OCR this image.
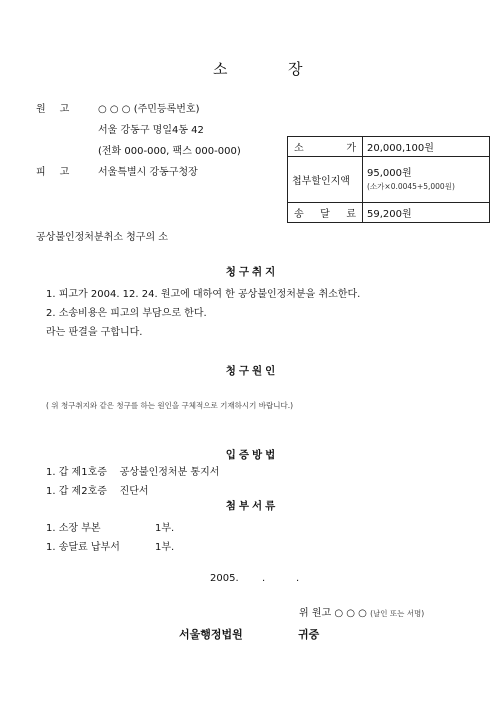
소	장
원 고	○ ○ ○ (주민등록번호)
서울 강동구 명일4동 42
(전화 000-000, 팩스 000-000)
피 고	서울특별시 강동구청장
소 가	20,000,100원
첩부할인지액	95,000원
(소가×0.0045+5,000원)

송 달 료	59,200원
공상불인정처분취소 청구의 소
청구취지
1. 피고가 2004. 12. 24. 원고에 대하여 한 공상불인정처분을 취소한다.
2. 소송비용은 피고의 부담으로 한다.
라는 판결을 구합니다.
청구원인
( 위 청구취지와 같은 청구를 하는 원인을 구체적으로 기재하시기 바랍니다.)
입증방법
1. 갑 제1호증    공상불인정처분 통지서
1. 갑 제2호증    진단서
첨부서류
1. 소장 부본	1부.
1. 송달료 납부서	1부.
2005. .	.
위 원고 ○ ○ ○ (날인 또는 서명)
서울행정법원	귀중
